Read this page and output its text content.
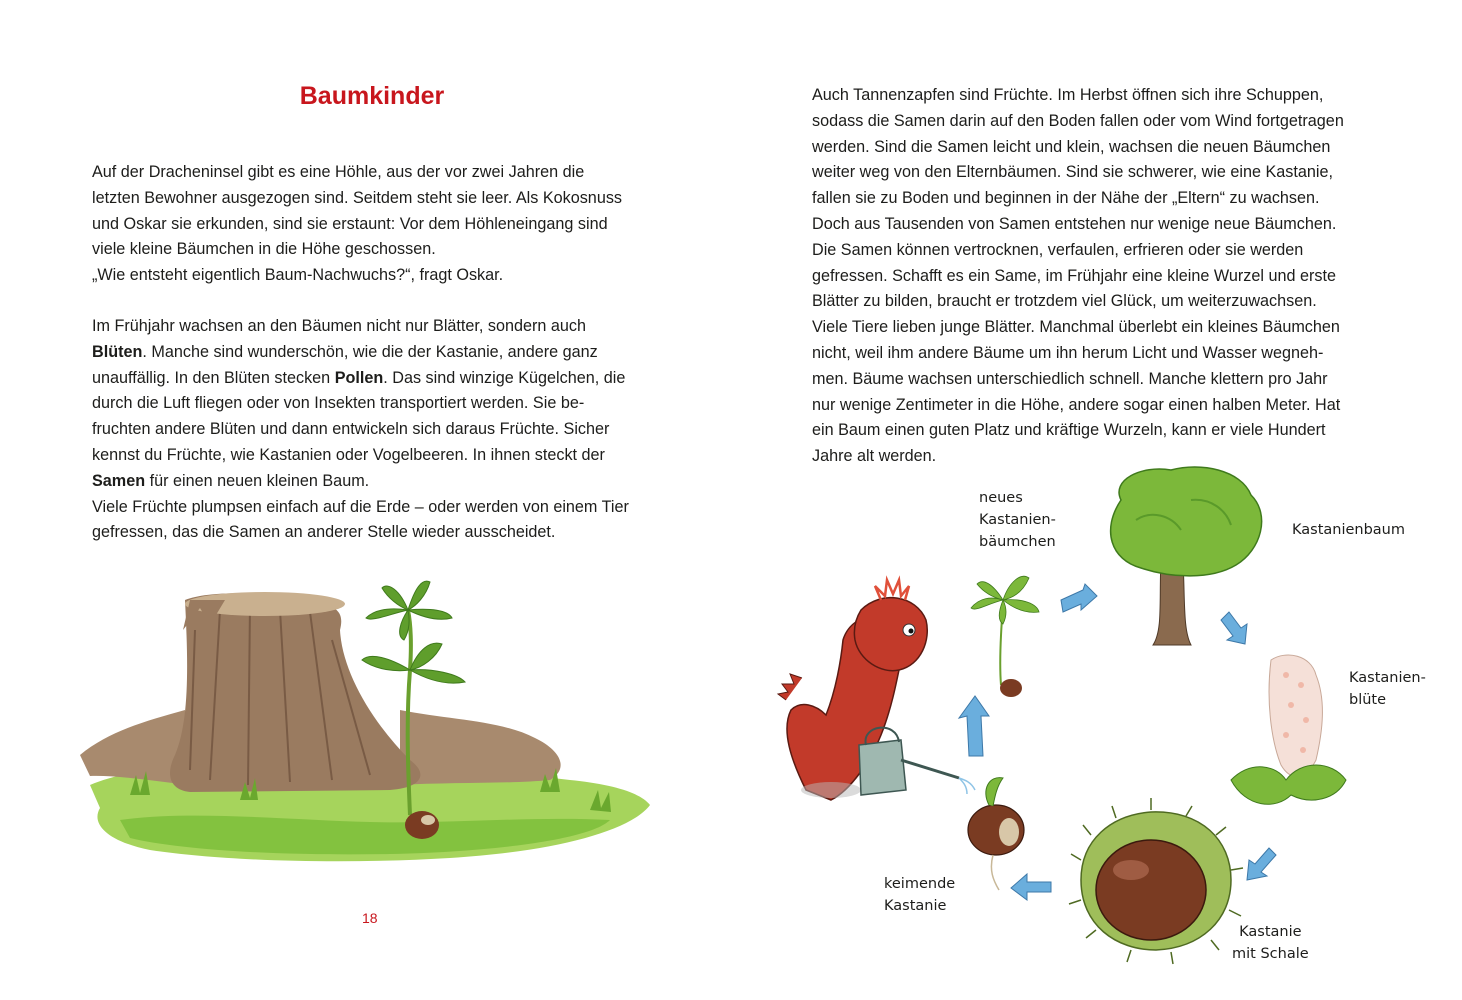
Baumkinder

Auf der Dracheninsel gibt es eine Höhle, aus der vor zwei Jahren die
letzten Bewohner ausgezogen sind. Seitdem steht sie leer. Als Kokosnuss
und Oskar sie erkunden, sind sie erstaunt: Vor dem Höhleneingang sind
viele kleine Bäumchen in die Höhe geschossen.
„Wie entsteht eigentlich Baum-Nachwuchs?“, fragt Oskar.

Im Frühjahr wachsen an den Bäumen nicht nur Blätter, sondern auch
Blüten. Manche sind wunderschön, wie die der Kastanie, andere ganz
unauffällig. In den Blüten stecken Pollen. Das sind winzige Kügelchen, die
durch die Luft fliegen oder von Insekten transportiert werden. Sie be-
fruchten andere Blüten und dann entwickeln sich daraus Früchte. Sicher
kennst du Früchte, wie Kastanien oder Vogelbeeren. In ihnen steckt der
Samen für einen neuen kleinen Baum.
Viele Früchte plumpsen einfach auf die Erde – oder werden von einem Tier
gefressen, das die Samen an anderer Stelle wieder ausscheidet.

18

Auch Tannenzapfen sind Früchte. Im Herbst öffnen sich ihre Schuppen,
sodass die Samen darin auf den Boden fallen oder vom Wind fortgetragen
werden. Sind die Samen leicht und klein, wachsen die neuen Bäumchen
weiter weg von den Elternbäumen. Sind sie schwerer, wie eine Kastanie,
fallen sie zu Boden und beginnen in der Nähe der „Eltern“ zu wachsen.
Doch aus Tausenden von Samen entstehen nur wenige neue Bäumchen.
Die Samen können vertrocknen, verfaulen, erfrieren oder sie werden
gefressen. Schafft es ein Same, im Frühjahr eine kleine Wurzel und erste
Blätter zu bilden, braucht er trotzdem viel Glück, um weiterzuwachsen.
Viele Tiere lieben junge Blätter. Manchmal überlebt ein kleines Bäumchen
nicht, weil ihm andere Bäume um ihn herum Licht und Wasser wegneh-
men. Bäume wachsen unterschiedlich schnell. Manche klettern pro Jahr
nur wenige Zentimeter in die Höhe, andere sogar einen halben Meter. Hat
ein Baum einen guten Platz und kräftige Wurzeln, kann er viele Hundert
Jahre alt werden.

neues
Kastanien-
bäumchen
Kastanienbaum
Kastanien-
blüte
Kastanie
mit Schale
keimende
Kastanie
